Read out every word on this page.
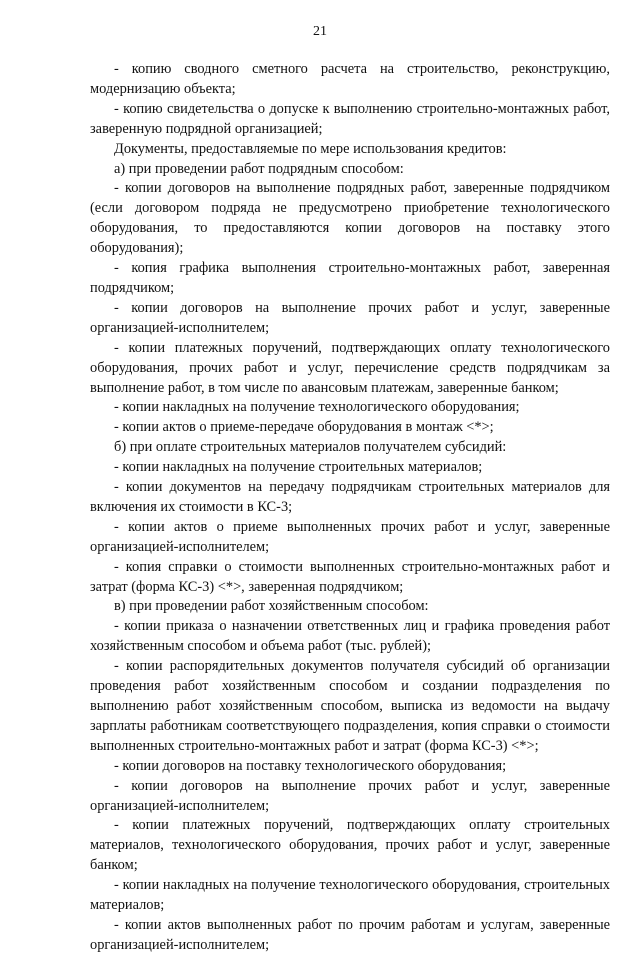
21

- копию сводного сметного расчета на строительство, реконструкцию, модернизацию объекта;

- копию свидетельства о допуске к выполнению строительно-монтажных работ, заверенную подрядной организацией;

Документы, предоставляемые по мере использования кредитов:

а) при проведении работ подрядным способом:

- копии договоров на выполнение подрядных работ, заверенные подрядчиком (если договором подряда не предусмотрено приобретение технологического оборудования, то предоставляются копии договоров на поставку этого оборудования);

- копия графика выполнения строительно-монтажных работ, заверенная подрядчиком;

- копии договоров на выполнение прочих работ и услуг, заверенные организацией-исполнителем;

- копии платежных поручений, подтверждающих оплату технологического оборудования, прочих работ и услуг, перечисление средств подрядчикам за выполнение работ, в том числе по авансовым платежам, заверенные банком;

- копии накладных на получение технологического оборудования;

- копии актов о приеме-передаче оборудования в монтаж <*>;

б) при оплате строительных материалов получателем субсидий:

- копии накладных на получение строительных материалов;

- копии документов на передачу подрядчикам строительных материалов для включения их стоимости в КС-3;

- копии актов о приеме выполненных прочих работ и услуг, заверенные организацией-исполнителем;

- копия справки о стоимости выполненных строительно-монтажных работ и затрат (форма КС-3) <*>, заверенная подрядчиком;

в) при проведении работ хозяйственным способом:

- копии приказа о назначении ответственных лиц и графика проведения работ хозяйственным способом и объема работ (тыс. рублей);

- копии распорядительных документов получателя субсидий об организации проведения работ хозяйственным способом и создании подразделения по выполнению работ хозяйственным способом, выписка из ведомости на выдачу зарплаты работникам соответствующего подразделения, копия справки о стоимости выполненных строительно-монтажных работ и затрат (форма КС-3) <*>;

- копии договоров на поставку технологического оборудования;

- копии договоров на выполнение прочих работ и услуг, заверенные организацией-исполнителем;

- копии платежных поручений, подтверждающих оплату строительных материалов, технологического оборудования, прочих работ и услуг, заверенные банком;

- копии накладных на получение технологического оборудования, строительных материалов;

- копии актов выполненных работ по прочим работам и услугам, заверенные организацией-исполнителем;
